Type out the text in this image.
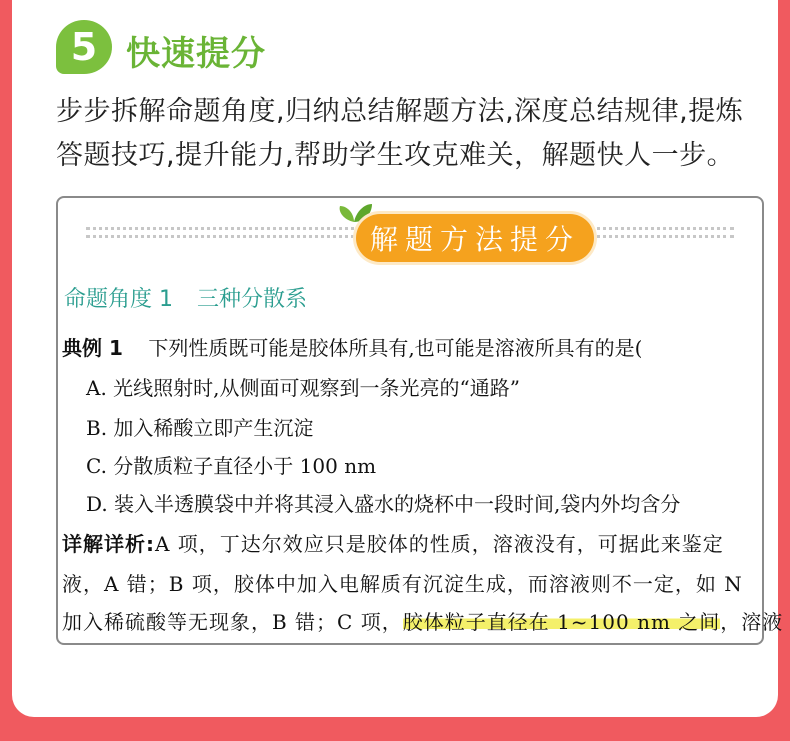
5 快速提分
步步拆解命题角度,归纳总结解题方法,深度总结规律,提炼答题技巧,提升能力,帮助学生攻克难关，解题快人一步。
解题方法提分
命题角度 1 三种分散系
典例 1 下列性质既可能是胶体所具有,也可能是溶液所具有的是(
A. 光线照射时,从侧面可观察到一条光亮的“通路”
B. 加入稀酸立即产生沉淀
C. 分散质粒子直径小于 100 nm
D. 装入半透膜袋中并将其浸入盛水的烧杯中一段时间,袋内外均含分
详解详析:A 项，丁达尔效应只是胶体的性质，溶液没有，可据此来鉴定
液，A 错；B 项，胶体中加入电解质有沉淀生成，而溶液则不一定，如 N
加入稀硫酸等无现象，B 错；C 项，胶体粒子直径在 1~100 nm 之间，溶液
